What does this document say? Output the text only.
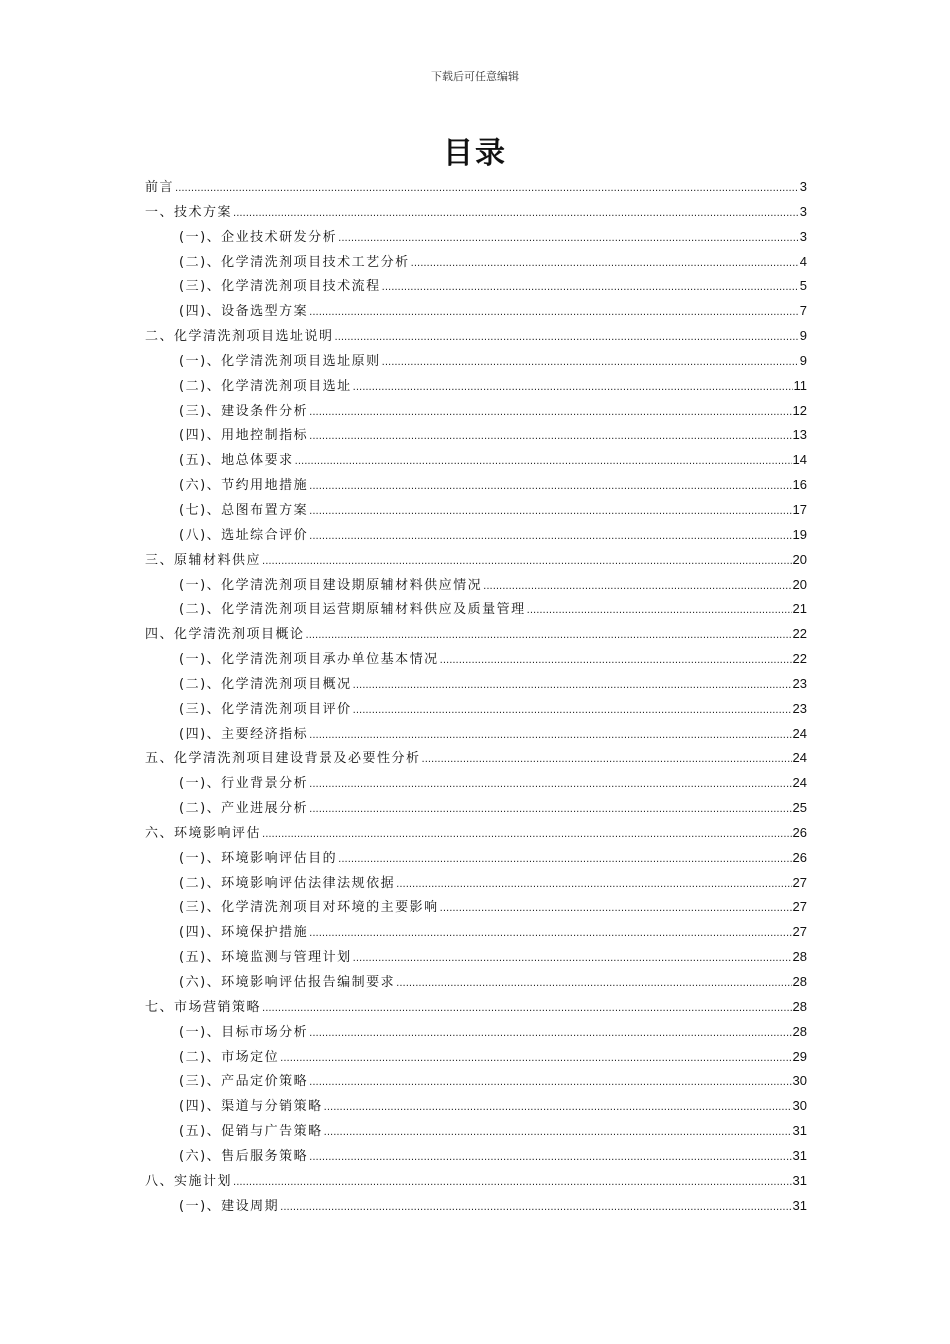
下载后可任意编辑
目录
前言 .....	3
一、技术方案 .....	3
(一)、企业技术研发分析 .....	3
(二)、化学清洗剂项目技术工艺分析 .....	4
(三)、化学清洗剂项目技术流程 .....	5
(四)、设备选型方案 .....	7
二、化学清洗剂项目选址说明 .....	9
(一)、化学清洗剂项目选址原则 .....	9
(二)、化学清洗剂项目选址 .....	11
(三)、建设条件分析 .....	12
(四)、用地控制指标 .....	13
(五)、地总体要求 .....	14
(六)、节约用地措施 .....	16
(七)、总图布置方案 .....	17
(八)、选址综合评价 .....	19
三、原辅材料供应 .....	20
(一)、化学清洗剂项目建设期原辅材料供应情况 .....	20
(二)、化学清洗剂项目运营期原辅材料供应及质量管理 .....	21
四、化学清洗剂项目概论 .....	22
(一)、化学清洗剂项目承办单位基本情况 .....	22
(二)、化学清洗剂项目概况 .....	23
(三)、化学清洗剂项目评价 .....	23
(四)、主要经济指标 .....	24
五、化学清洗剂项目建设背景及必要性分析 .....	24
(一)、行业背景分析 .....	24
(二)、产业进展分析 .....	25
六、环境影响评估 .....	26
(一)、环境影响评估目的 .....	26
(二)、环境影响评估法律法规依据 .....	27
(三)、化学清洗剂项目对环境的主要影响 .....	27
(四)、环境保护措施 .....	27
(五)、环境监测与管理计划 .....	28
(六)、环境影响评估报告编制要求 .....	28
七、市场营销策略 .....	28
(一)、目标市场分析 .....	28
(二)、市场定位 .....	29
(三)、产品定价策略 .....	30
(四)、渠道与分销策略 .....	30
(五)、促销与广告策略 .....	31
(六)、售后服务策略 .....	31
八、实施计划 .....	31
(一)、建设周期 .....	31
